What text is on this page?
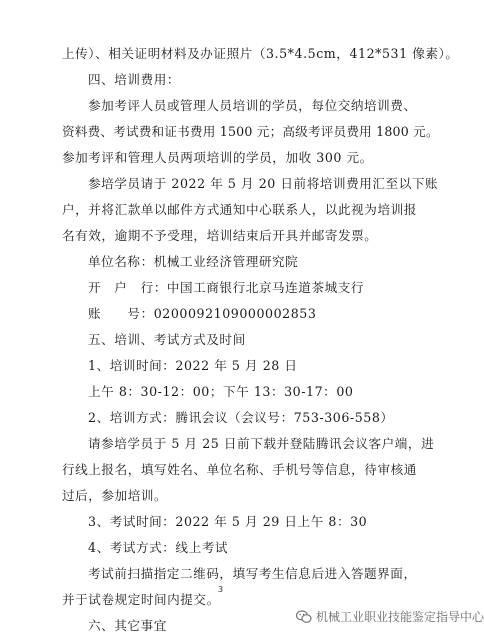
上传）、相关证明材料及办证照片（3.5*4.5cm，412*531 像素）。
四、培训费用：
参加考评人员或管理人员培训的学员，每位交纳培训费、
资料费、考试费和证书费用 1500 元；高级考评员费用 1800 元。
参加考评和管理人员两项培训的学员，加收 300 元。
参培学员请于 2022 年 5 月 20 日前将培训费用汇至以下账
户，并将汇款单以邮件方式通知中心联系人，以此视为培训报
名有效，逾期不予受理，培训结束后开具并邮寄发票。
单位名称：机械工业经济管理研究院
开　户　行：中国工商银行北京马连道茶城支行
账　　号：0200092109000002853
五、培训、考试方式及时间
1、培训时间：2022 年 5 月 28 日
上午 8：30-12：00；下午 13：30-17：00
2、培训方式：腾讯会议（会议号：753-306-558）
请参培学员于 5 月 25 日前下载并登陆腾讯会议客户端，进
行线上报名，填写姓名、单位名称、手机号等信息，待审核通
过后，参加培训。
3、考试时间：2022 年 5 月 29 日上午 8：30
4、考试方式：线上考试
考试前扫描指定二维码，填写考生信息后进入答题界面，
并于试卷规定时间内提交。
六、其它事宜
3
机械工业职业技能鉴定指导中心
